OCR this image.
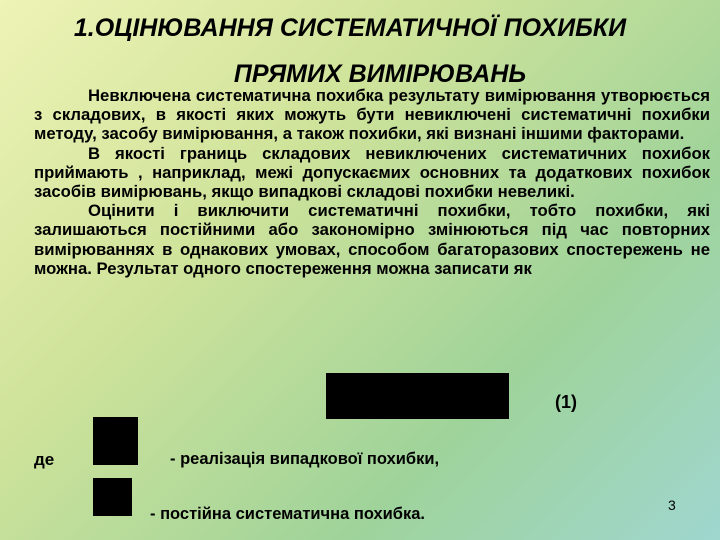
1.ОЦІНЮВАННЯ СИСТЕМАТИЧНОЇ ПОХИБКИ
ПРЯМИХ ВИМІРЮВАНЬ

Невключена систематична похибка результату вимірювання утворюється з складових, в якості яких можуть бути невиключені систематичні похибки методу, засобу вимірювання, а також похибки, які визнані іншими факторами.

В якості границь складових невиключених систематичних похибок приймають , наприклад, межі допускаємих основних та додаткових похибок засобів вимірювань, якщо випадкові складові похибки невеликі.

Оцінити і виключити систематичні похибки, тобто похибки, які залишаються постійними або закономірно змінюються під час повторних вимірюваннях в однакових умовах, способом багаторазових спостережень не можна. Результат одного спостереження можна записати як

(1)
де	- реалізація випадкової похибки,
- постійна систематична похибка.	3
